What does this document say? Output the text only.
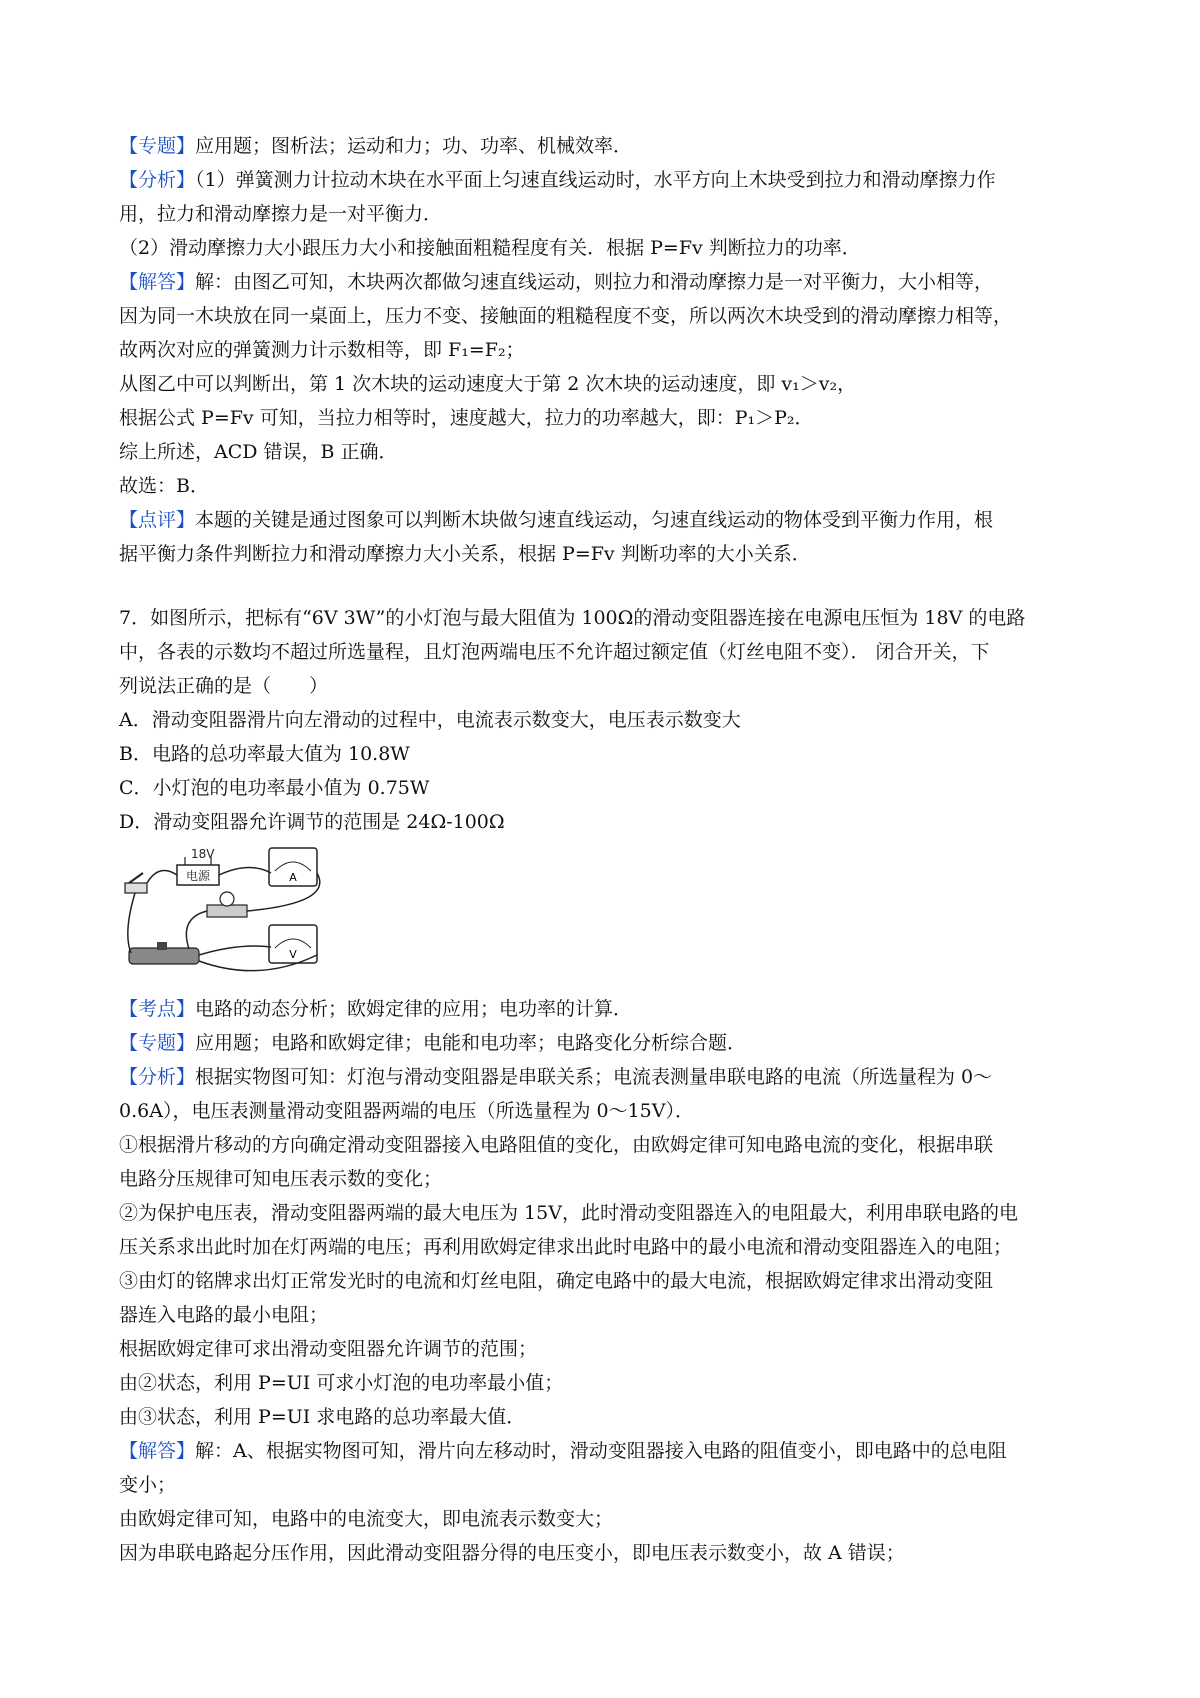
【专题】应用题；图析法；运动和力；功、功率、机械效率．
【分析】（1）弹簧测力计拉动木块在水平面上匀速直线运动时，水平方向上木块受到拉力和滑动摩擦力作
用，拉力和滑动摩擦力是一对平衡力．
（2）滑动摩擦力大小跟压力大小和接触面粗糙程度有关．根据 P=Fv 判断拉力的功率．
【解答】解：由图乙可知，木块两次都做匀速直线运动，则拉力和滑动摩擦力是一对平衡力，大小相等，
因为同一木块放在同一桌面上，压力不变、接触面的粗糙程度不变，所以两次木块受到的滑动摩擦力相等，
故两次对应的弹簧测力计示数相等，即 F₁=F₂；
从图乙中可以判断出，第 1 次木块的运动速度大于第 2 次木块的运动速度，即 v₁＞v₂，
根据公式 P=Fv 可知，当拉力相等时，速度越大，拉力的功率越大，即：P₁＞P₂．
综上所述，ACD 错误，B 正确．
故选：B．
【点评】本题的关键是通过图象可以判断木块做匀速直线运动，匀速直线运动的物体受到平衡力作用，根
据平衡力条件判断拉力和滑动摩擦力大小关系，根据 P=Fv 判断功率的大小关系．
7．如图所示，把标有“6V 3W”的小灯泡与最大阻值为 100Ω的滑动变阻器连接在电源电压恒为 18V 的电路
中，各表的示数均不超过所选量程，且灯泡两端电压不允许超过额定值（灯丝电阻不变）． 闭合开关，下
列说法正确的是（　　）
A．滑动变阻器滑片向左滑动的过程中，电流表示数变大，电压表示数变大
B．电路的总功率最大值为 10.8W
C．小灯泡的电功率最小值为 0.75W
D．滑动变阻器允许调节的范围是 24Ω-100Ω
电源
18V
A
V
【考点】电路的动态分析；欧姆定律的应用；电功率的计算．
【专题】应用题；电路和欧姆定律；电能和电功率；电路变化分析综合题．
【分析】根据实物图可知：灯泡与滑动变阻器是串联关系；电流表测量串联电路的电流（所选量程为 0～
0.6A），电压表测量滑动变阻器两端的电压（所选量程为 0～15V）．
①根据滑片移动的方向确定滑动变阻器接入电路阻值的变化，由欧姆定律可知电路电流的变化，根据串联
电路分压规律可知电压表示数的变化；
②为保护电压表，滑动变阻器两端的最大电压为 15V，此时滑动变阻器连入的电阻最大，利用串联电路的电
压关系求出此时加在灯两端的电压；再利用欧姆定律求出此时电路中的最小电流和滑动变阻器连入的电阻；
③由灯的铭牌求出灯正常发光时的电流和灯丝电阻，确定电路中的最大电流，根据欧姆定律求出滑动变阻
器连入电路的最小电阻；
根据欧姆定律可求出滑动变阻器允许调节的范围；
由②状态，利用 P=UI 可求小灯泡的电功率最小值；
由③状态，利用 P=UI 求电路的总功率最大值．
【解答】解：A、根据实物图可知，滑片向左移动时，滑动变阻器接入电路的阻值变小，即电路中的总电阻
变小；
由欧姆定律可知，电路中的电流变大，即电流表示数变大；
因为串联电路起分压作用，因此滑动变阻器分得的电压变小，即电压表示数变小，故 A 错误；
